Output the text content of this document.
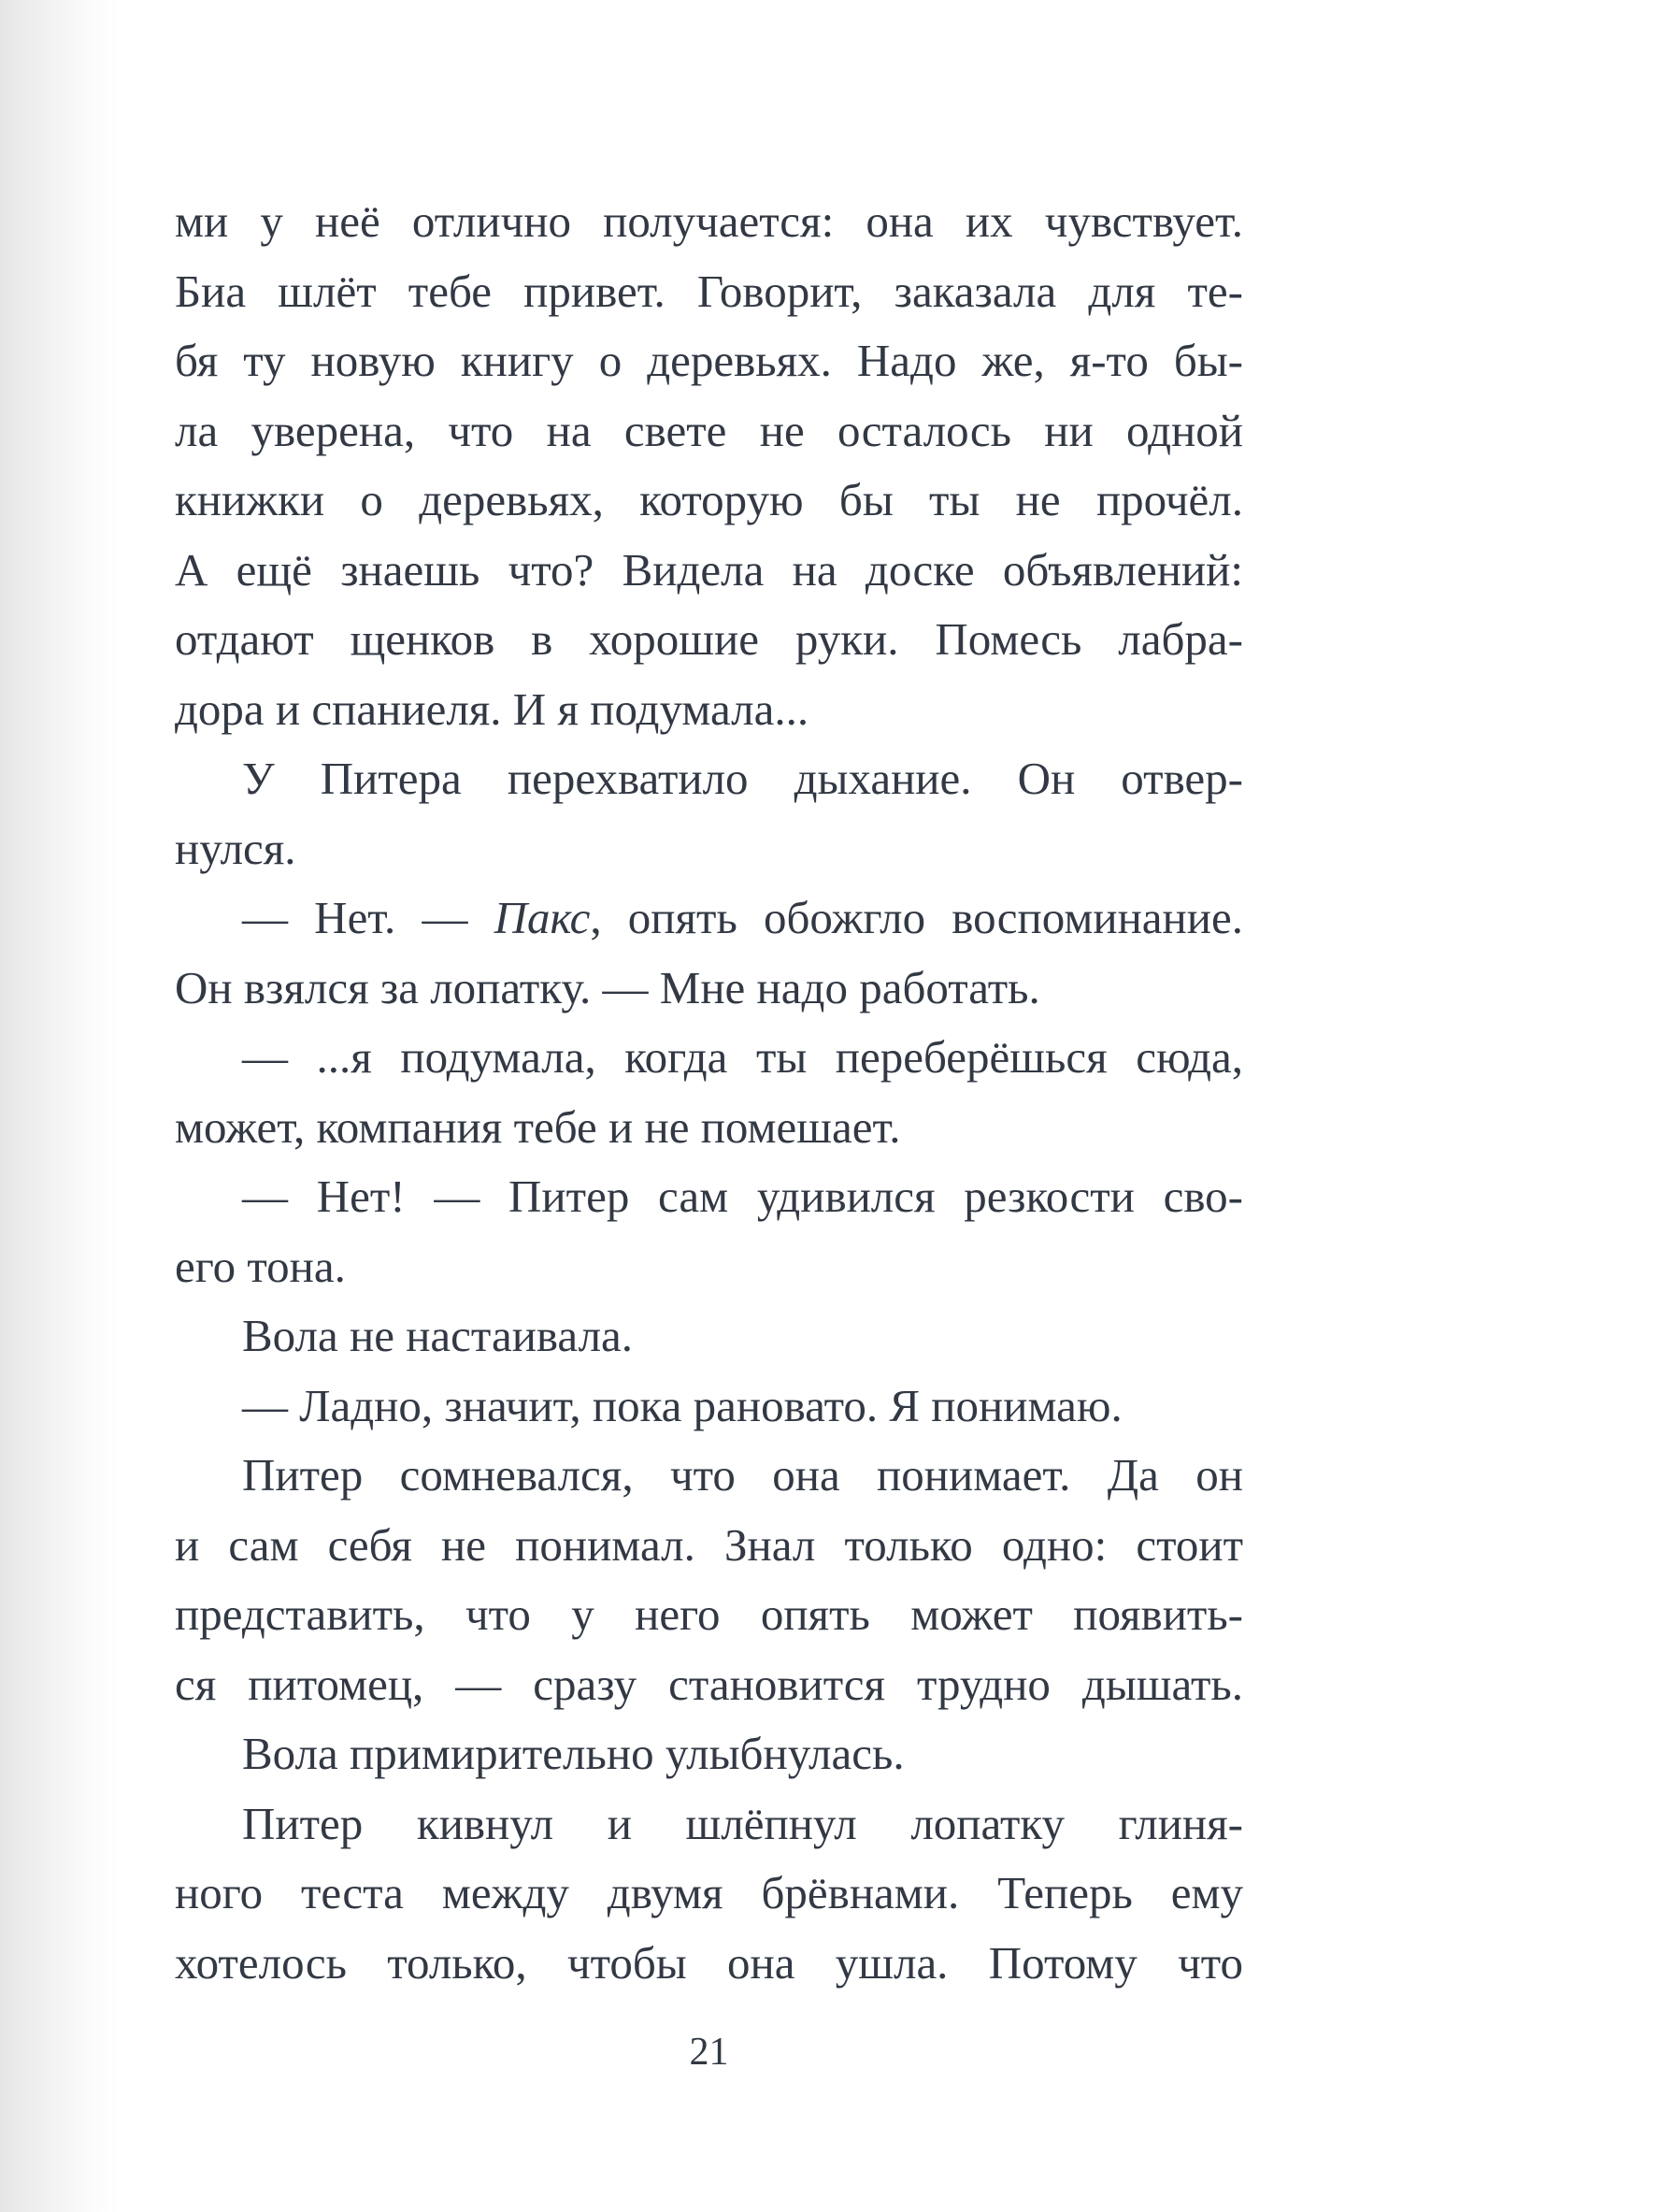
ми у неё отлично получается: она их чувствует.
Биа шлёт тебе привет. Говорит, заказала для те-
бя ту новую книгу о деревьях. Надо же, я-то бы-
ла уверена, что на свете не осталось ни одной
книжки о деревьях, которую бы ты не прочёл.
А ещё знаешь что? Видела на доске объявлений:
отдают щенков в хорошие руки. Помесь лабра-
дора и спаниеля. И я подумала...
У Питера перехватило дыхание. Он отвер-
нулся.
— Нет. — Пакс, опять обожгло воспоминание.
Он взялся за лопатку. — Мне надо работать.
— ...я подумала, когда ты переберёшься сюда,
может, компания тебе и не помешает.
— Нет! — Питер сам удивился резкости сво-
его тона.
Вола не настаивала.
— Ладно, значит, пока рановато. Я понимаю.
Питер сомневался, что она понимает. Да он
и сам себя не понимал. Знал только одно: стоит
представить, что у него опять может появить-
ся питомец, — сразу становится трудно дышать.
Вола примирительно улыбнулась.
Питер кивнул и шлёпнул лопатку глиня-
ного теста между двумя брёвнами. Теперь ему
хотелось только, чтобы она ушла. Потому что
21
